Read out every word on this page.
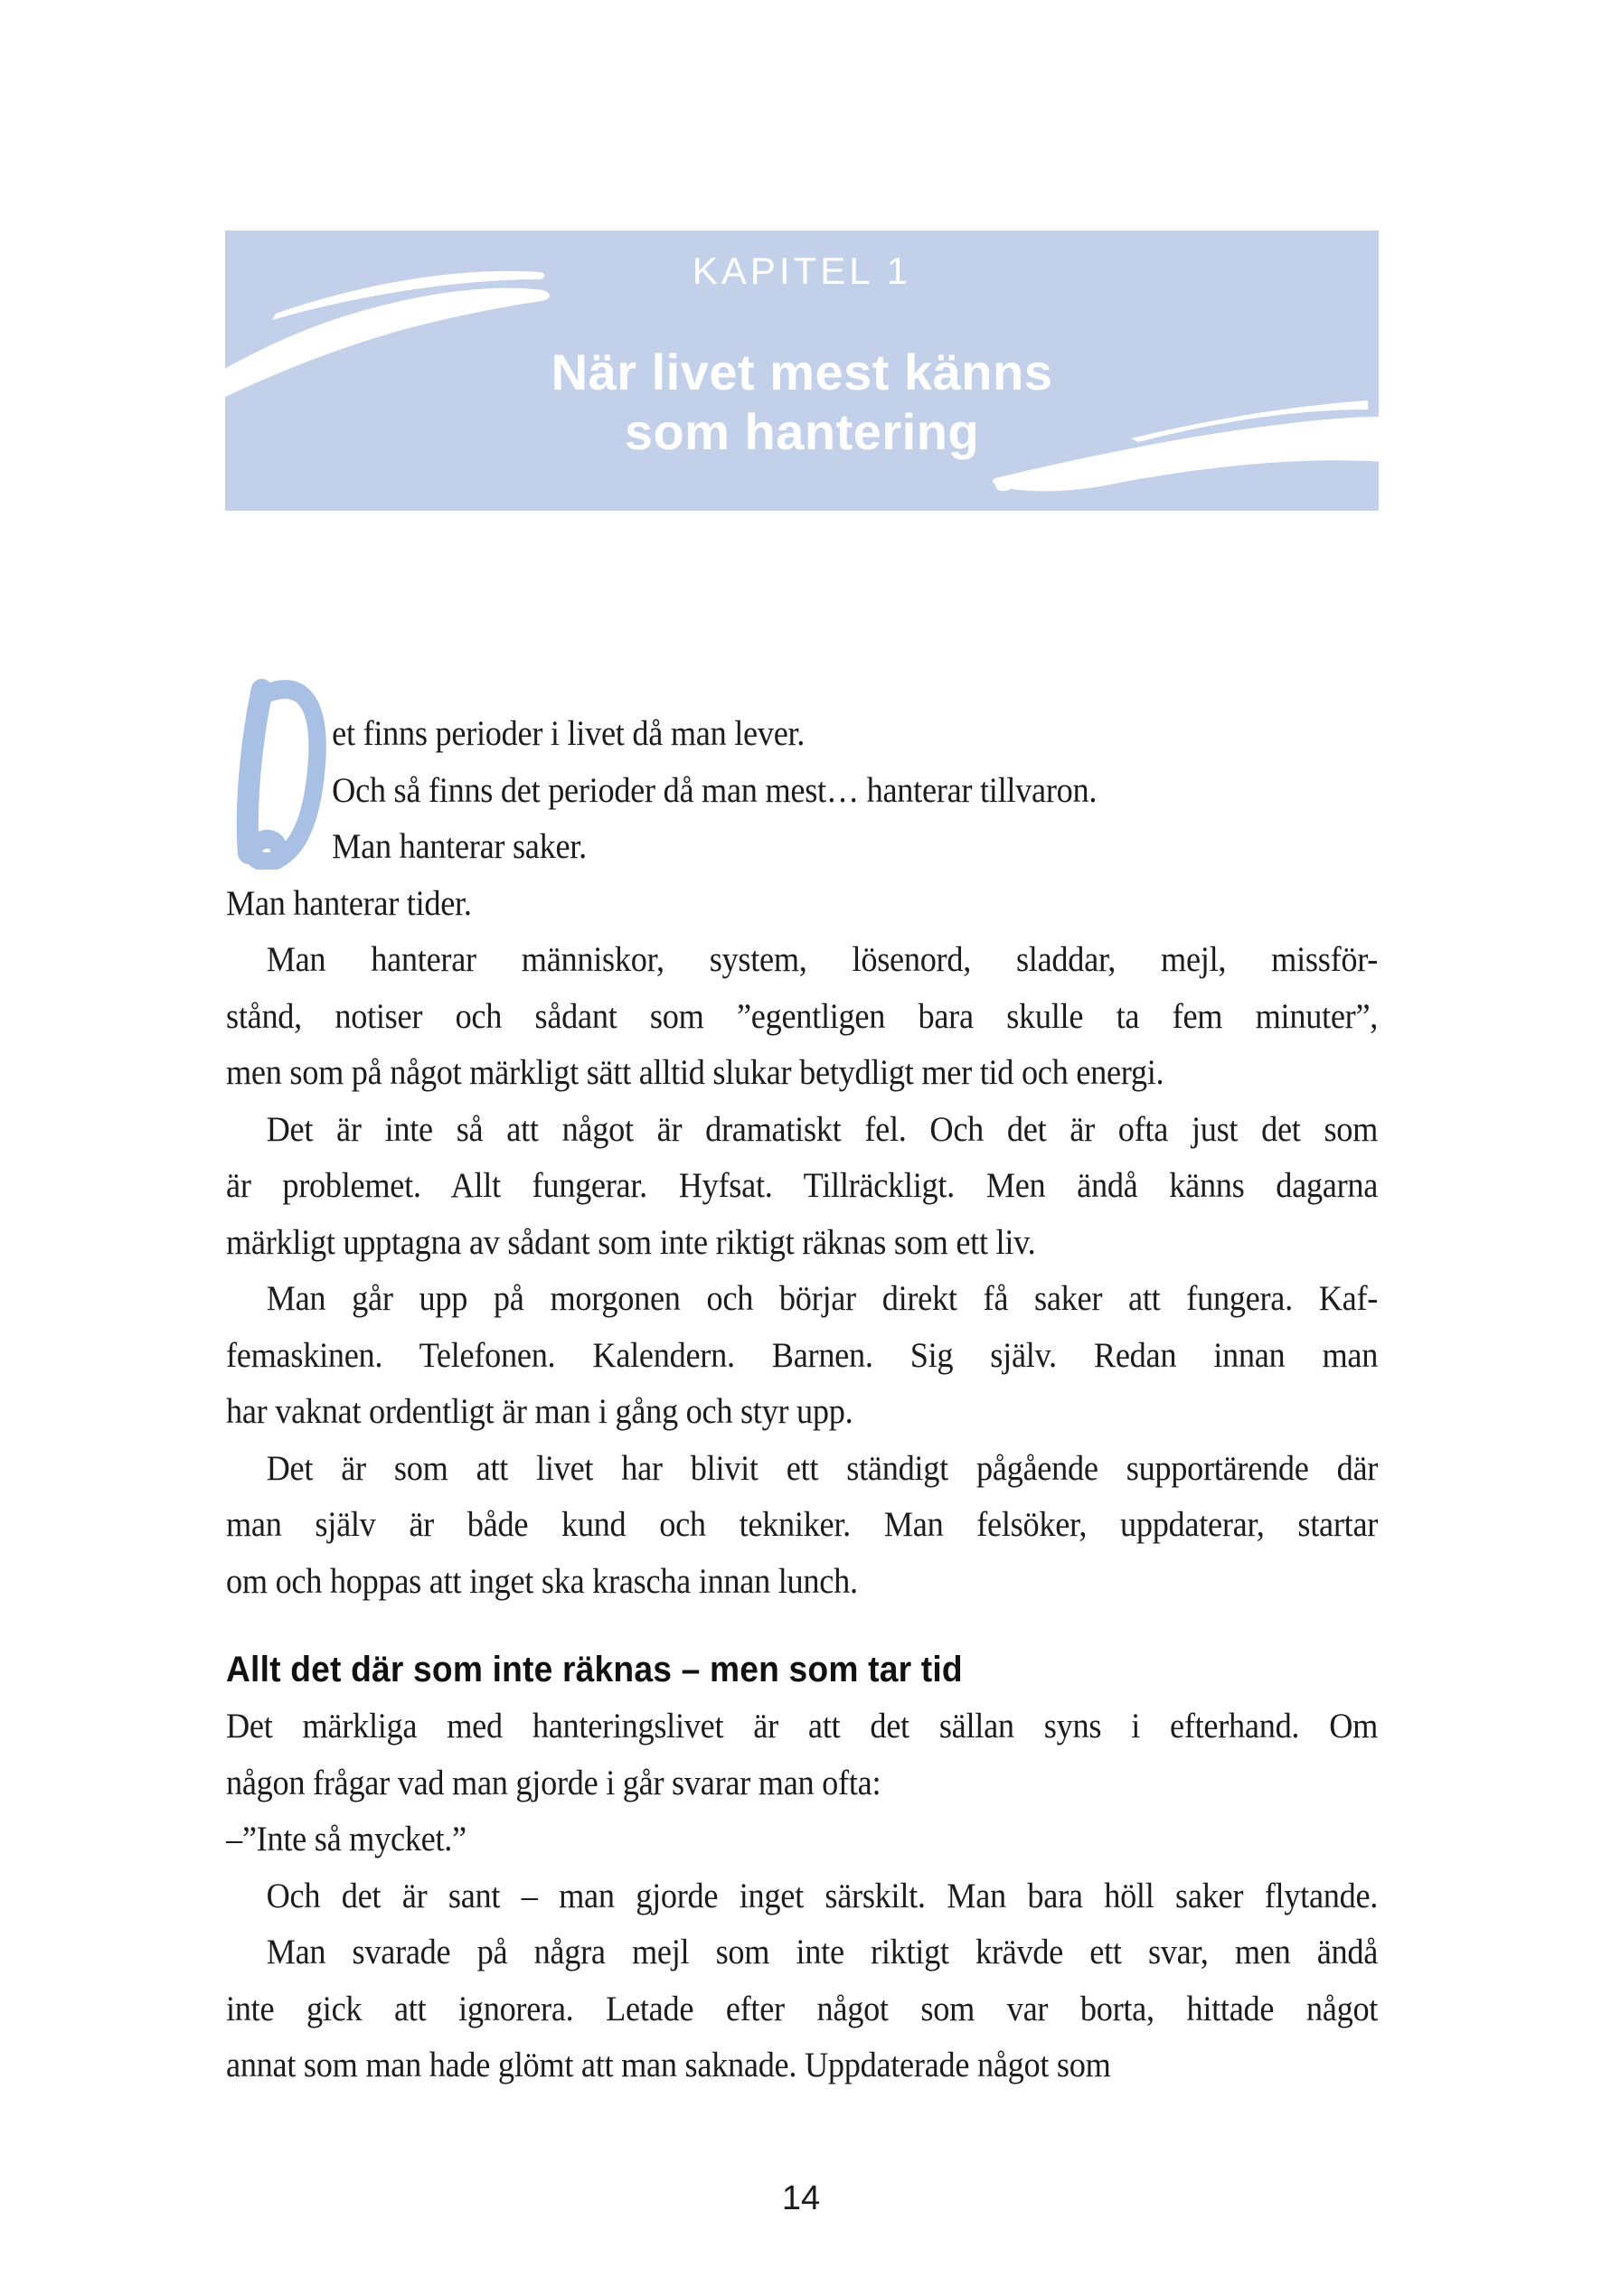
KAPITEL 1
När livet mest känns
som hantering
et finns perioder i livet då man lever.
Och så finns det perioder då man mest… hanterar tillvaron.
Man hanterar saker.
Man hanterar tider.
Man hanterar människor, system, lösenord, sladdar, mejl, missför-
stånd, notiser och sådant som ”egentligen bara skulle ta fem minuter”,
men som på något märkligt sätt alltid slukar betydligt mer tid och energi.
Det är inte så att något är dramatiskt fel. Och det är ofta just det som
är problemet. Allt fungerar. Hyfsat. Tillräckligt. Men ändå känns dagarna
märkligt upptagna av sådant som inte riktigt räknas som ett liv.
Man går upp på morgonen och börjar direkt få saker att fungera. Kaf-
femaskinen. Telefonen. Kalendern. Barnen. Sig själv. Redan innan man
har vaknat ordentligt är man i gång och styr upp.
Det är som att livet har blivit ett ständigt pågående supportärende där
man själv är både kund och tekniker. Man felsöker, uppdaterar, startar
om och hoppas att inget ska krascha innan lunch.
Allt det där som inte räknas – men som tar tid
Det märkliga med hanteringslivet är att det sällan syns i efterhand. Om
någon frågar vad man gjorde i går svarar man ofta:
–”Inte så mycket.”
Och det är sant – man gjorde inget särskilt. Man bara höll saker flytande.
Man svarade på några mejl som inte riktigt krävde ett svar, men ändå
inte gick att ignorera. Letade efter något som var borta, hittade något
annat som man hade glömt att man saknade. Uppdaterade något som
14
